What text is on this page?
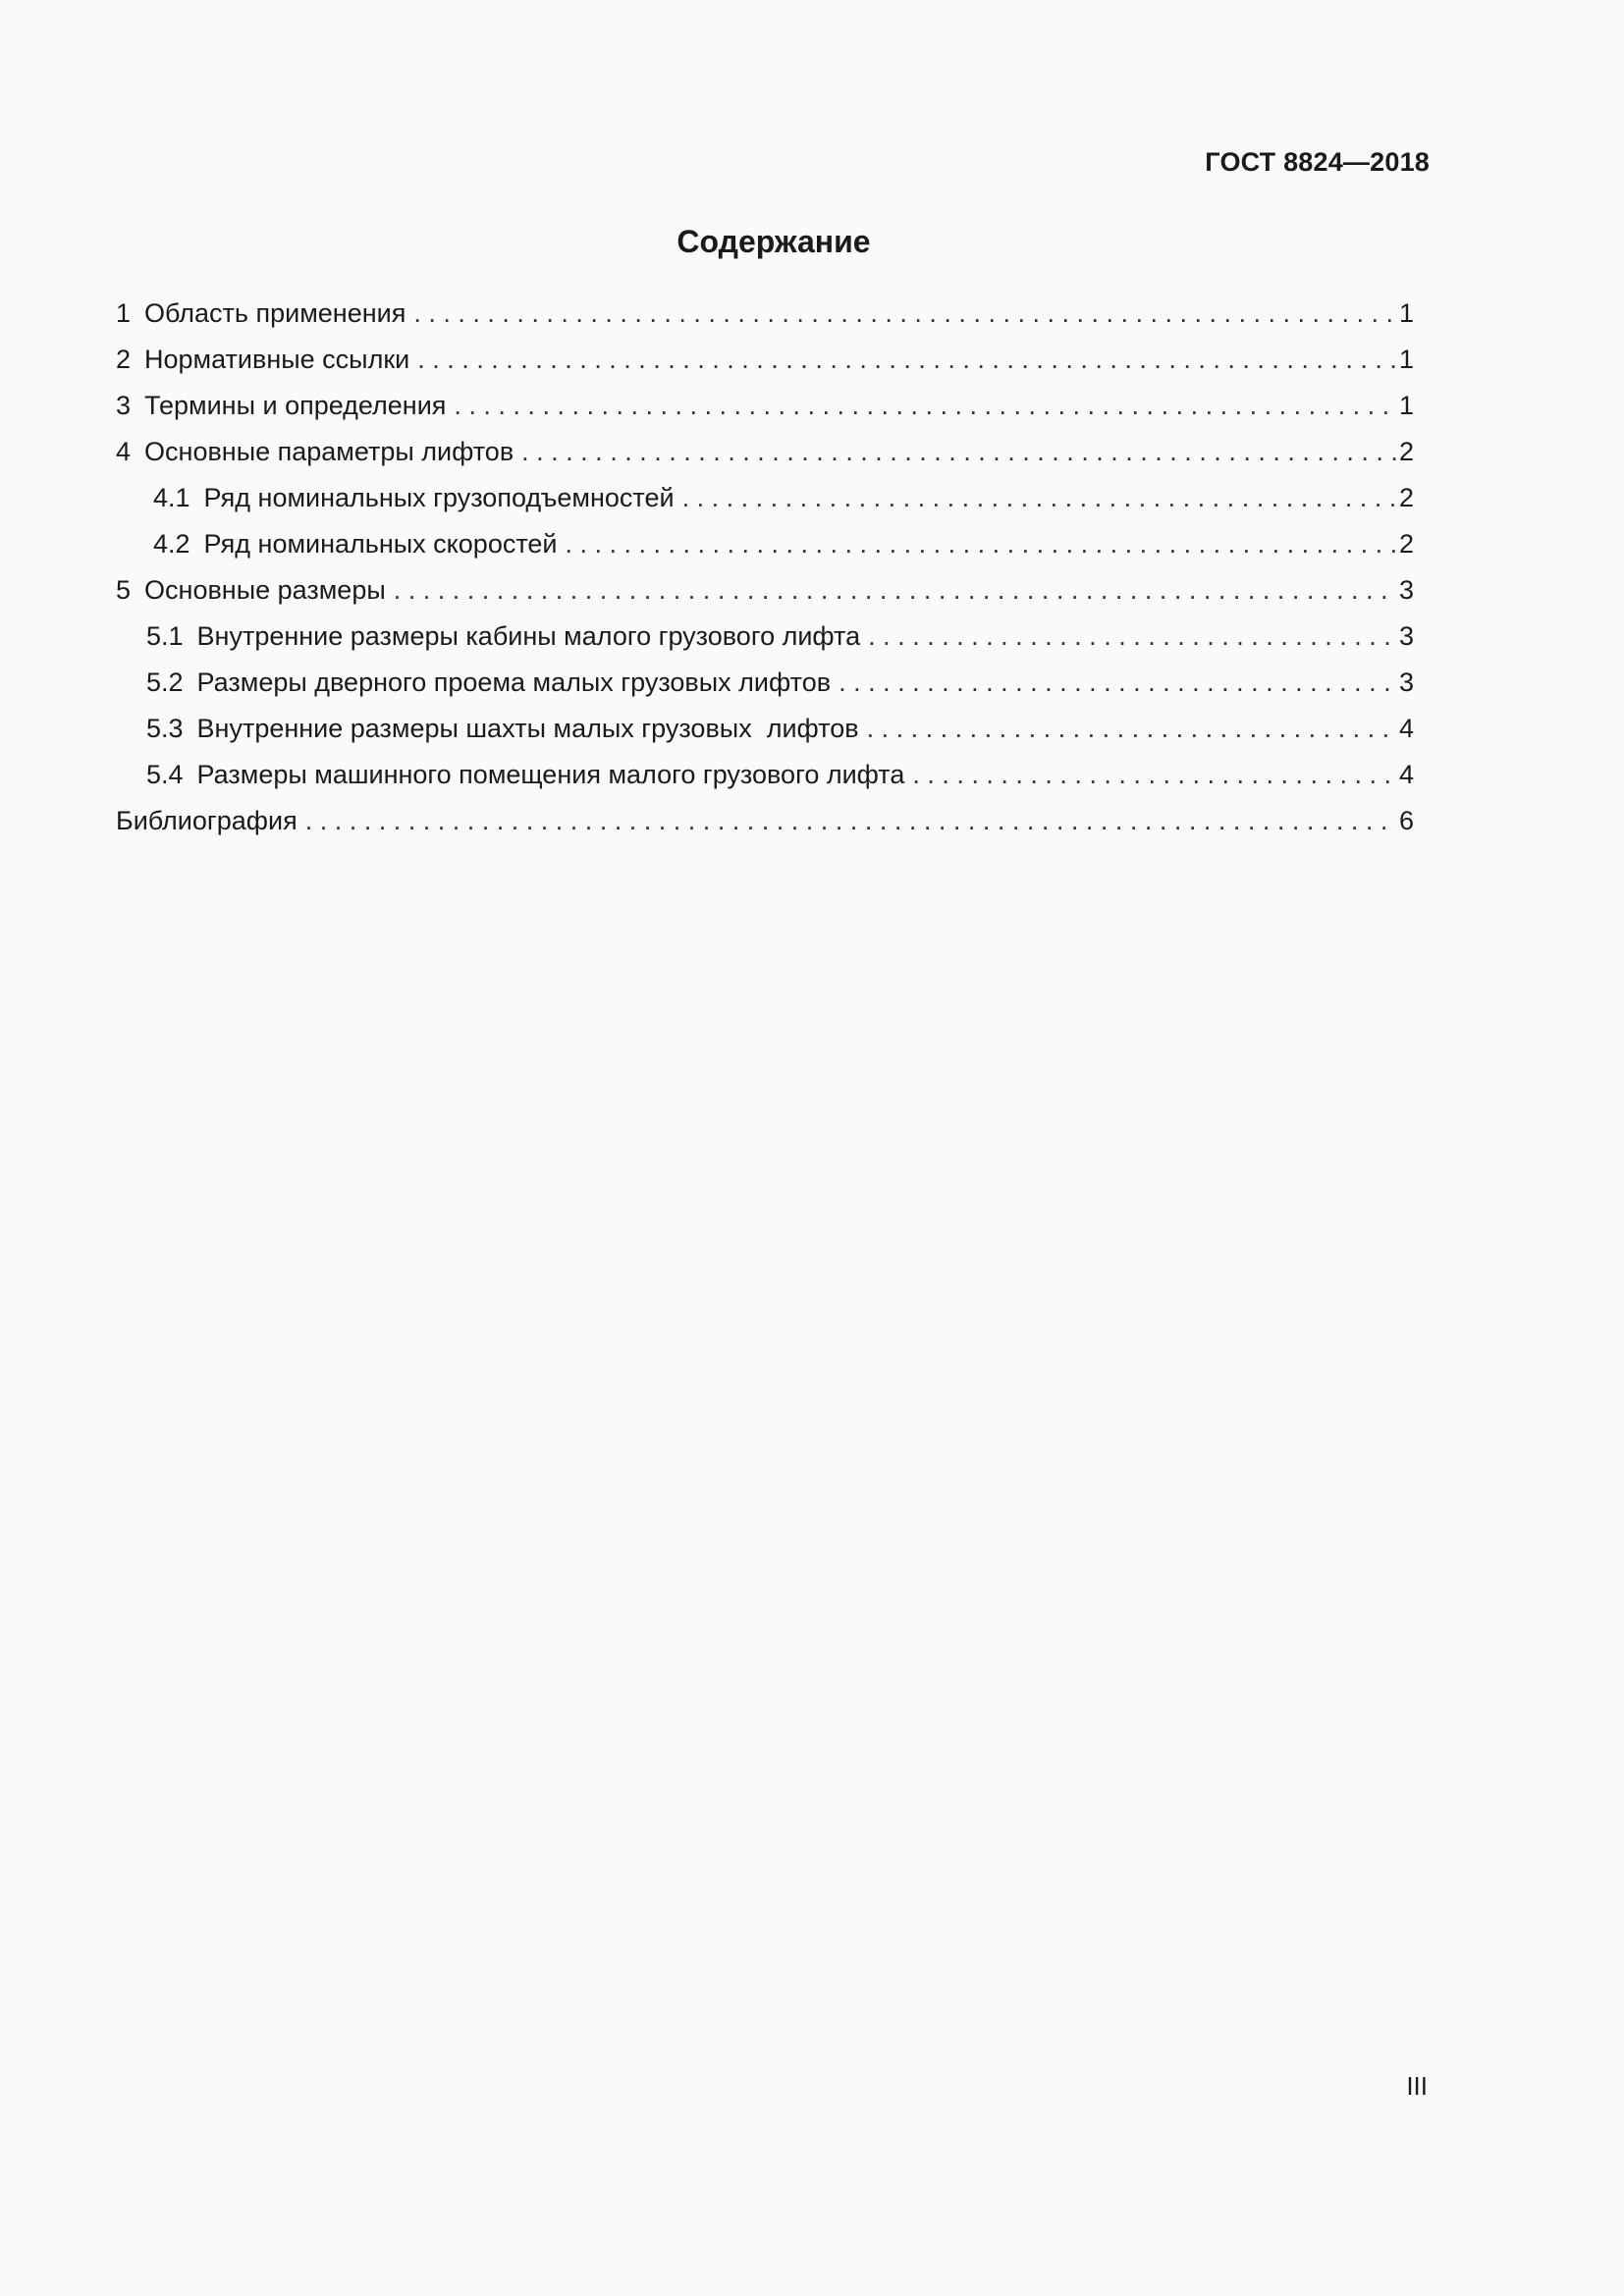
ГОСТ 8824—2018
Содержание
1 Область применения . . .	1
2 Нормативные ссылки . . .	1
3 Термины и определения . . .	1
4 Основные параметры лифтов . . .	2
4.1 Ряд номинальных грузоподъемностей . . .	2
4.2 Ряд номинальных скоростей . . .	2
5 Основные размеры . . .	3
5.1 Внутренние размеры кабины малого грузового лифта . . .	3
5.2 Размеры дверного проема малых грузовых лифтов . . .	3
5.3 Внутренние размеры шахты малых грузовых  лифтов . . .	4
5.4 Размеры машинного помещения малого грузового лифта . . .	4
Библиография . . .	6
III
